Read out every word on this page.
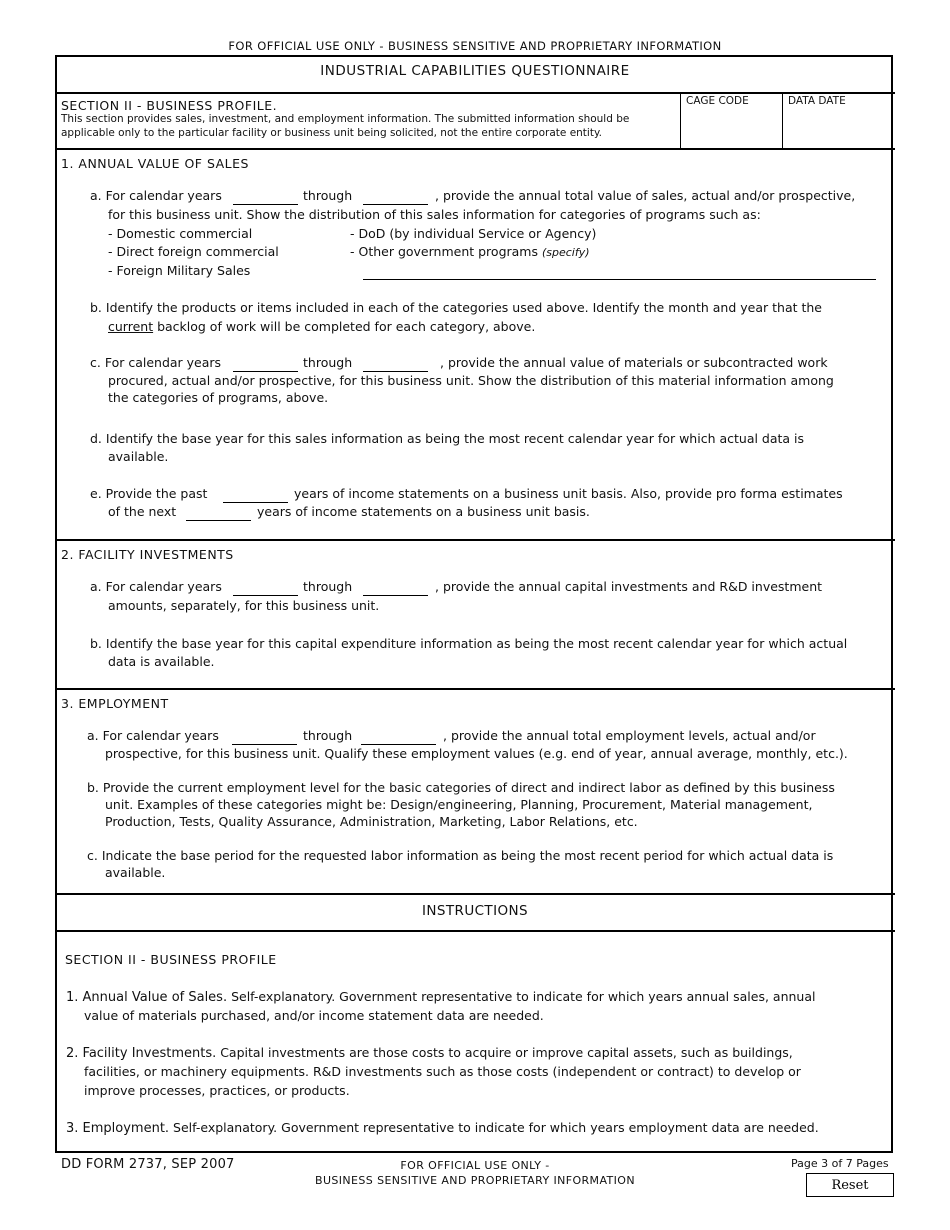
FOR OFFICIAL USE ONLY - BUSINESS SENSITIVE AND PROPRIETARY INFORMATION
INDUSTRIAL CAPABILITIES QUESTIONNAIRE
SECTION II - BUSINESS PROFILE.
This section provides sales, investment, and employment information. The submitted information should be
applicable only to the particular facility or business unit being solicited, not the entire corporate entity.
CAGE CODE	DATA DATE
1. ANNUAL VALUE OF SALES
a. For calendar years	through	, provide the annual total value of sales, actual and/or prospective,
for this business unit. Show the distribution of this sales information for categories of programs such as:
- Domestic commercial
- Direct foreign commercial
- Foreign Military Sales
- DoD (by individual Service or Agency)
- Other government programs (specify)
b. Identify the products or items included in each of the categories used above. Identify the month and year that the
current backlog of work will be completed for each category, above.
c. For calendar years	through	, provide the annual value of materials or subcontracted work
procured, actual and/or prospective, for this business unit. Show the distribution of this material information among
the categories of programs, above.
d. Identify the base year for this sales information as being the most recent calendar year for which actual data is
available.
e. Provide the past	years of income statements on a business unit basis. Also, provide pro forma estimates
of the next	years of income statements on a business unit basis.
2. FACILITY INVESTMENTS
a. For calendar years	through	, provide the annual capital investments and R&D investment
amounts, separately, for this business unit.
b. Identify the base year for this capital expenditure information as being the most recent calendar year for which actual
data is available.
3. EMPLOYMENT
a. For calendar years	through	, provide the annual total employment levels, actual and/or
prospective, for this business unit. Qualify these employment values (e.g. end of year, annual average, monthly, etc.).
b. Provide the current employment level for the basic categories of direct and indirect labor as defined by this business
unit. Examples of these categories might be: Design/engineering, Planning, Procurement, Material management,
Production, Tests, Quality Assurance, Administration, Marketing, Labor Relations, etc.
c. Indicate the base period for the requested labor information as being the most recent period for which actual data is
available.
INSTRUCTIONS
SECTION II - BUSINESS PROFILE
1. Annual Value of Sales. Self-explanatory. Government representative to indicate for which years annual sales, annual
value of materials purchased, and/or income statement data are needed.
2. Facility Investments. Capital investments are those costs to acquire or improve capital assets, such as buildings,
facilities, or machinery equipments. R&D investments such as those costs (independent or contract) to develop or
improve processes, practices, or products.
3. Employment. Self-explanatory. Government representative to indicate for which years employment data are needed.
DD FORM 2737, SEP 2007	FOR OFFICIAL USE ONLY -
BUSINESS SENSITIVE AND PROPRIETARY INFORMATION
Page 3 of 7 Pages
Reset
